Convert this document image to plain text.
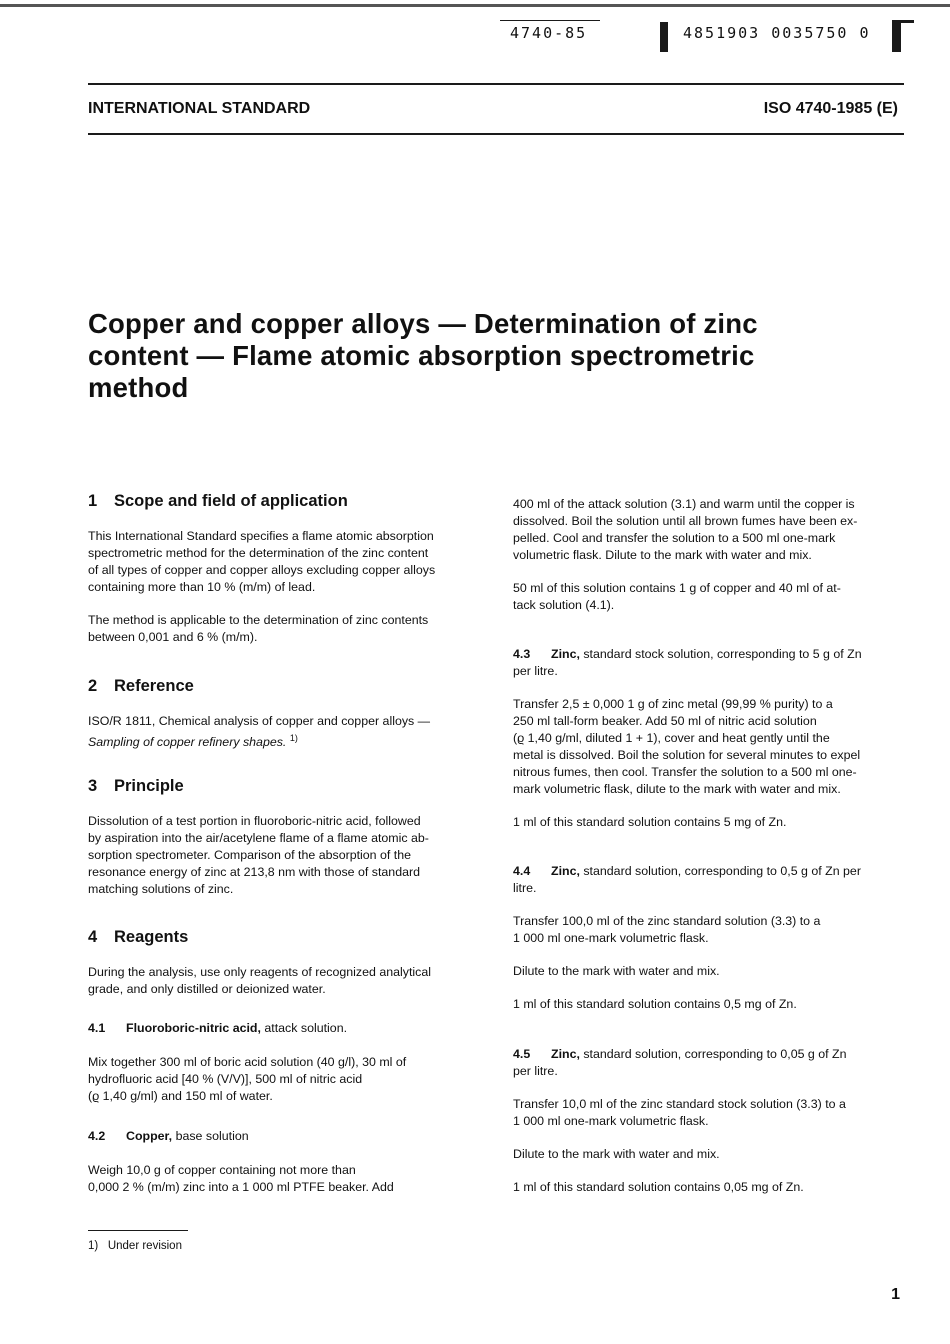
4740-85	4851903 0035750 0
INTERNATIONAL STANDARD	ISO 4740-1985 (E)
Copper and copper alloys — Determination of zinc
content — Flame atomic absorption spectrometric
method
1	Scope and field of application

This International Standard specifies a flame atomic absorption

spectrometric method for the determination of the zinc content

of all types of copper and copper alloys excluding copper alloys

containing more than 10 % (m/m) of lead.

The method is applicable to the determination of zinc contents

between 0,001 and 6 % (m/m).

2	Reference

ISO/R 1811, Chemical analysis of copper and copper alloys —

Sampling of copper refinery shapes. $^{1)}$

3	Principle

Dissolution of a test portion in fluoroboric-nitric acid, followed

by aspiration into the air/acetylene flame of a flame atomic ab-

sorption spectrometer. Comparison of the absorption of the

resonance energy of zinc at 213,8 nm with those of standard

matching solutions of zinc.

4	Reagents

During the analysis, use only reagents of recognized analytical

grade, and only distilled or deionized water.

4.1 Fluoroboric-nitric acid, attack solution.

Mix together 300 ml of boric acid solution (40 g/l), 30 ml of

hydrofluoric acid [40 % (V/V)], 500 ml of nitric acid

(ϱ 1,40 g/ml) and 150 ml of water.

4.2 Copper, base solution

Weigh 10,0 g of copper containing not more than

0,000 2 % (m/m) zinc into a 1 000 ml PTFE beaker. Add

1) Under revision

400 ml of the attack solution (3.1) and warm until the copper is

dissolved. Boil the solution until all brown fumes have been ex-

pelled. Cool and transfer the solution to a 500 ml one-mark

volumetric flask. Dilute to the mark with water and mix.

50 ml of this solution contains 1 g of copper and 40 ml of at-

tack solution (4.1).

4.3 Zinc, standard stock solution, corresponding to 5 g of Zn
per litre.

Transfer 2,5 ± 0,000 1 g of zinc metal (99,99 % purity) to a

250 ml tall-form beaker. Add 50 ml of nitric acid solution

(ϱ 1,40 g/ml, diluted 1 + 1), cover and heat gently until the

metal is dissolved. Boil the solution for several minutes to expel

nitrous fumes, then cool. Transfer the solution to a 500 ml one-

mark volumetric flask, dilute to the mark with water and mix.

1 ml of this standard solution contains 5 mg of Zn.

4.4 Zinc, standard solution, corresponding to 0,5 g of Zn per
litre.

Transfer 100,0 ml of the zinc standard solution (3.3) to a

1 000 ml one-mark volumetric flask.

Dilute to the mark with water and mix.

1 ml of this standard solution contains 0,5 mg of Zn.

4.5 Zinc, standard solution, corresponding to 0,05 g of Zn
per litre.

Transfer 10,0 ml of the zinc standard stock solution (3.3) to a

1 000 ml one-mark volumetric flask.

Dilute to the mark with water and mix.

1 ml of this standard solution contains 0,05 mg of Zn.

1
